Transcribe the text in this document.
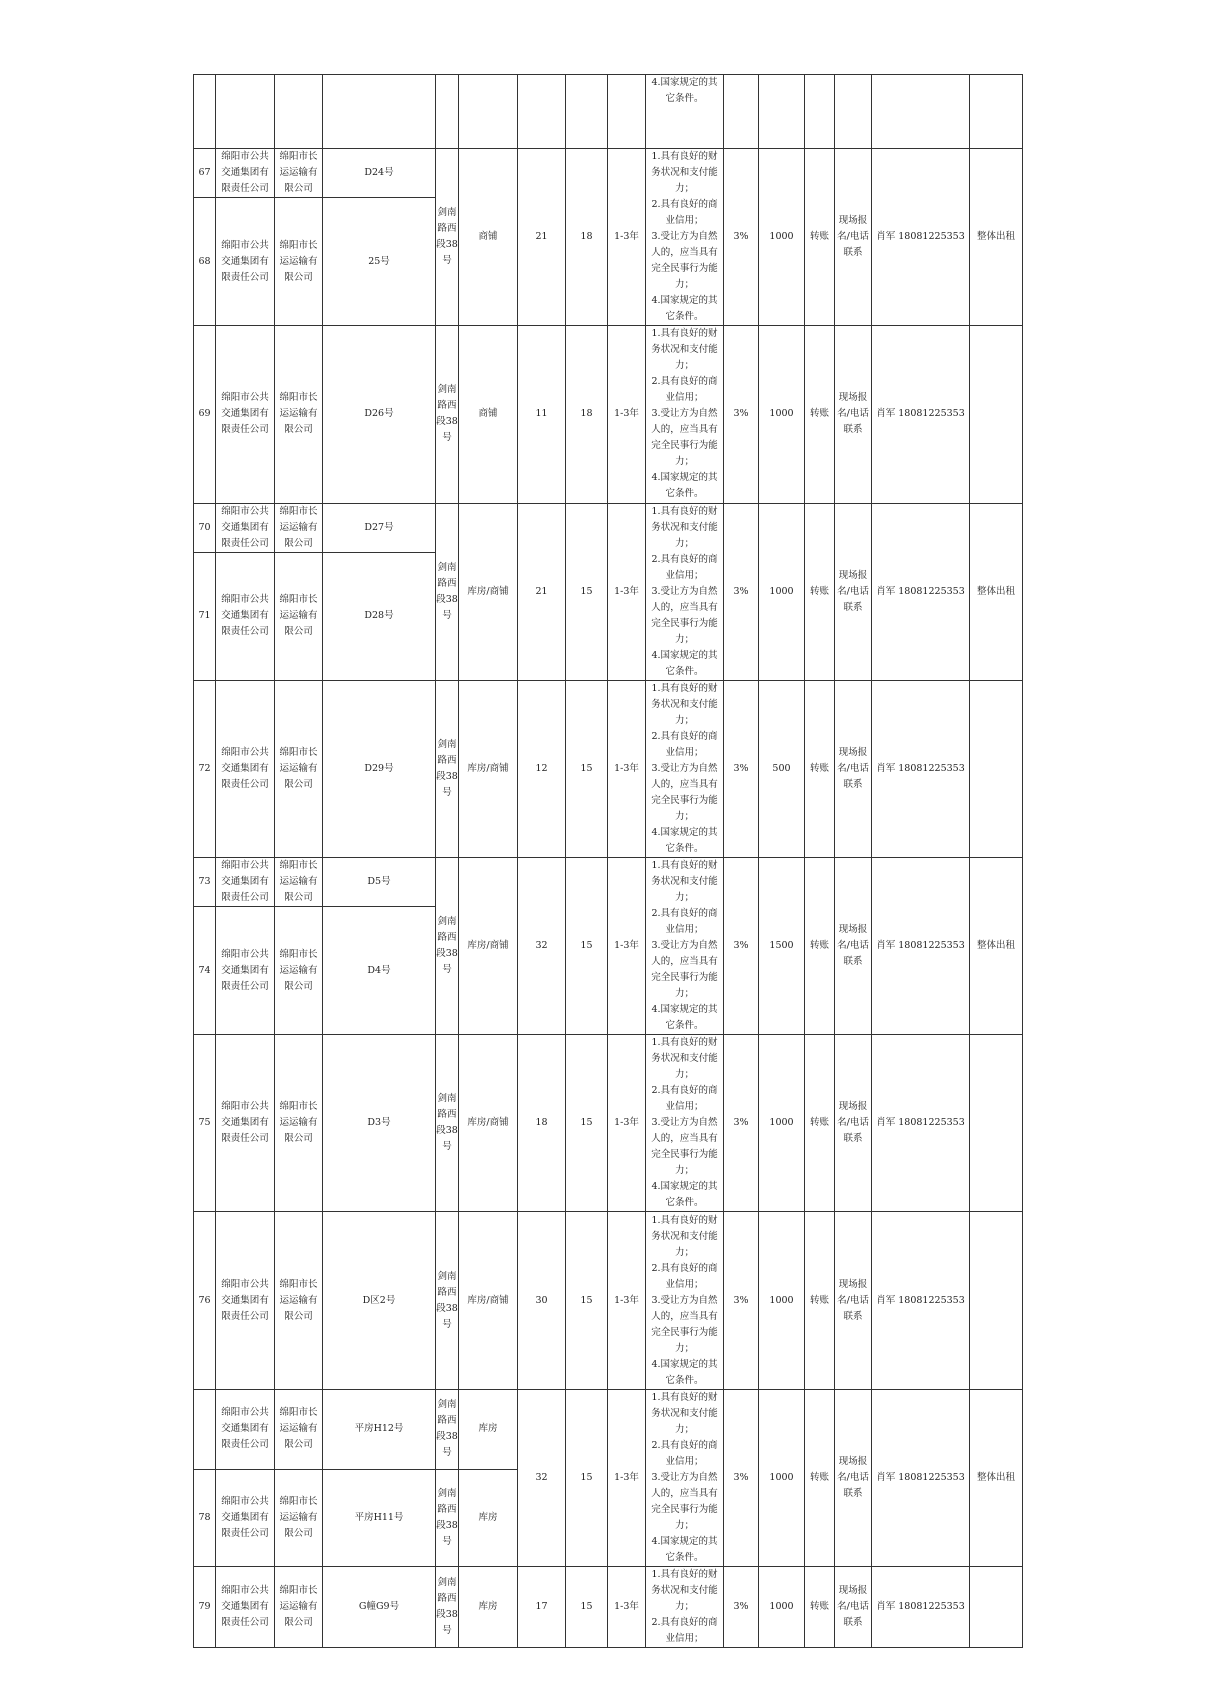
									4.国家规定的其它条件。						

67	绵阳市公共交通集团有限责任公司	绵阳市长运运输有限公司	D24号	剑南路西段38号	商铺	21	18	1-3年	1.具有良好的财务状况和支付能力；
2.具有良好的商业信用；
3.受让方为自然人的，应当具有完全民事行为能力；
4.国家规定的其它条件。	3%	1000	转账	现场报名/电话联系	肖军 18081225353	整体出租
68	绵阳市公共交通集团有限责任公司	绵阳市长运运输有限公司	25号												
69	绵阳市公共交通集团有限责任公司	绵阳市长运运输有限公司	D26号	剑南路西段38号	商铺	11	18	1-3年	1.具有良好的财务状况和支付能力；
2.具有良好的商业信用；
3.受让方为自然人的，应当具有完全民事行为能力；
4.国家规定的其它条件。	3%	1000	转账	现场报名/电话联系	肖军 18081225353	
70	绵阳市公共交通集团有限责任公司	绵阳市长运运输有限公司	D27号	剑南路西段38号	库房/商铺	21	15	1-3年	1.具有良好的财务状况和支付能力；
2.具有良好的商业信用；
3.受让方为自然人的，应当具有完全民事行为能力；
4.国家规定的其它条件。	3%	1000	转账	现场报名/电话联系	肖军 18081225353	整体出租
71	绵阳市公共交通集团有限责任公司	绵阳市长运运输有限公司	D28号												
72	绵阳市公共交通集团有限责任公司	绵阳市长运运输有限公司	D29号	剑南路西段38号	库房/商铺	12	15	1-3年	1.具有良好的财务状况和支付能力；
2.具有良好的商业信用；
3.受让方为自然人的，应当具有完全民事行为能力；
4.国家规定的其它条件。	3%	500	转账	现场报名/电话联系	肖军 18081225353	
73	绵阳市公共交通集团有限责任公司	绵阳市长运运输有限公司	D5号	剑南路西段38号	库房/商铺	32	15	1-3年	1.具有良好的财务状况和支付能力；
2.具有良好的商业信用；
3.受让方为自然人的，应当具有完全民事行为能力；
4.国家规定的其它条件。	3%	1500	转账	现场报名/电话联系	肖军 18081225353	整体出租
74	绵阳市公共交通集团有限责任公司	绵阳市长运运输有限公司	D4号												
75	绵阳市公共交通集团有限责任公司	绵阳市长运运输有限公司	D3号	剑南路西段38号	库房/商铺	18	15	1-3年	1.具有良好的财务状况和支付能力；
2.具有良好的商业信用；
3.受让方为自然人的，应当具有完全民事行为能力；
4.国家规定的其它条件。	3%	1000	转账	现场报名/电话联系	肖军 18081225353	
76	绵阳市公共交通集团有限责任公司	绵阳市长运运输有限公司	D区2号	剑南路西段38号	库房/商铺	30	15	1-3年	1.具有良好的财务状况和支付能力；
2.具有良好的商业信用；
3.受让方为自然人的，应当具有完全民事行为能力；
4.国家规定的其它条件。	3%	1000	转账	现场报名/电话联系	肖军 18081225353	
	绵阳市公共交通集团有限责任公司	绵阳市长运运输有限公司	平房H12号	剑南路西段38号	库房	32	15	1-3年	1.具有良好的财务状况和支付能力；
2.具有良好的商业信用；
3.受让方为自然人的，应当具有完全民事行为能力；
4.国家规定的其它条件。	3%	1000	转账	现场报名/电话联系	肖军 18081225353	整体出租
78	绵阳市公共交通集团有限责任公司	绵阳市长运运输有限公司	平房H11号	剑南路西段38号	库房										
79	绵阳市公共交通集团有限责任公司	绵阳市长运运输有限公司	G幢G9号	剑南路西段38号	库房	17	15	1-3年	1.具有良好的财务状况和支付能力；
2.具有良好的商业信用；	3%	1000	转账	现场报名/电话联系	肖军 18081225353	
